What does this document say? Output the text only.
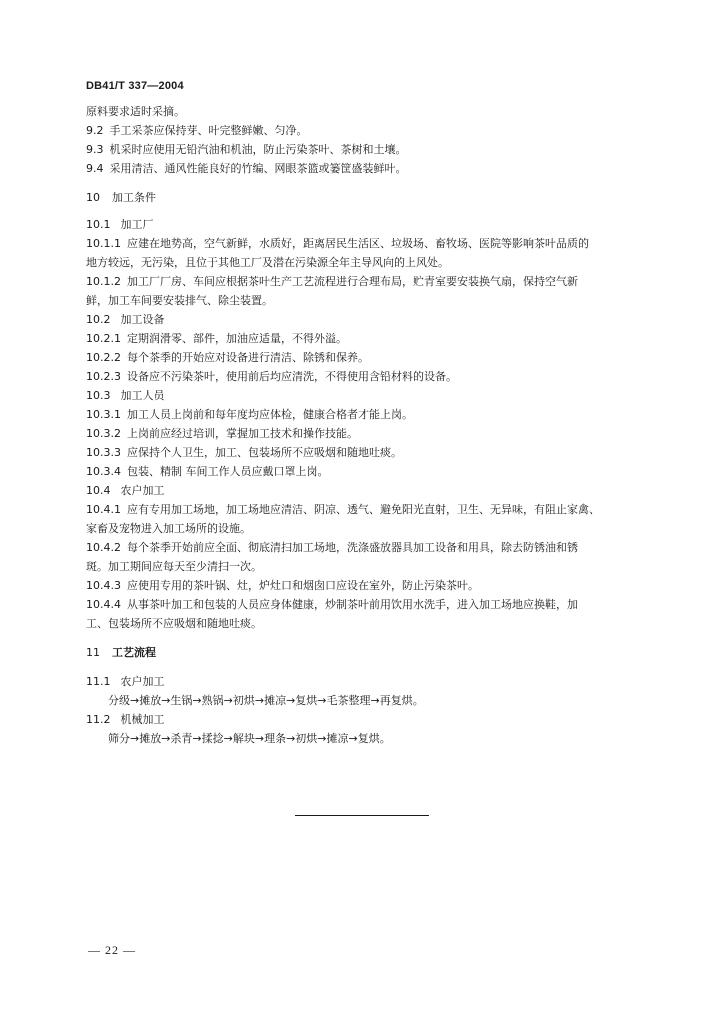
DB41/T 337—2004

原料要求适时采摘。

9.2 手工采茶应保持芽、叶完整鲜嫩、匀净。

9.3 机采时应使用无铅汽油和机油，防止污染茶叶、茶树和土壤。

9.4 采用清洁、通风性能良好的竹编、网眼茶篮或篓筐盛装鲜叶。

10 加工条件

10.1 加工厂

10.1.1 应建在地势高，空气新鲜，水质好，距离居民生活区、垃圾场、畜牧场、医院等影响茶叶品质的

地方较远，无污染，且位于其他工厂及潜在污染源全年主导风向的上风处。

10.1.2 加工厂厂房、车间应根据茶叶生产工艺流程进行合理布局，贮青室要安装换气扇，保持空气新

鲜，加工车间要安装排气、除尘装置。

10.2 加工设备

10.2.1 定期润滑零、部件，加油应适量，不得外溢。

10.2.2 每个茶季的开始应对设备进行清洁、除锈和保养。

10.2.3 设备应不污染茶叶，使用前后均应清洗，不得使用含铅材料的设备。

10.3 加工人员

10.3.1 加工人员上岗前和每年度均应体检，健康合格者才能上岗。

10.3.2 上岗前应经过培训，掌握加工技术和操作技能。

10.3.3 应保持个人卫生，加工、包装场所不应吸烟和随地吐痰。

10.3.4 包装、精制 车间工作人员应戴口罩上岗。

10.4 农户加工

10.4.1 应有专用加工场地，加工场地应清洁、阴凉、透气、避免阳光直射，卫生、无异味，有阻止家禽、

家畜及宠物进入加工场所的设施。

10.4.2 每个茶季开始前应全面、彻底清扫加工场地，洗涤盛放器具加工设备和用具，除去防锈油和锈

斑。加工期间应每天至少清扫一次。

10.4.3 应使用专用的茶叶锅、灶，炉灶口和烟囱口应设在室外，防止污染茶叶。

10.4.4 从事茶叶加工和包装的人员应身体健康，炒制茶叶前用饮用水洗手，进入加工场地应换鞋，加

工、包装场所不应吸烟和随地吐痰。

11 工艺流程

11.1 农户加工

分级→摊放→生锅→熟锅→初烘→摊凉→复烘→毛茶整理→再复烘。

11.2 机械加工

筛分→摊放→杀青→揉捻→解块→理条→初烘→摊凉→复烘。

— 22 —
